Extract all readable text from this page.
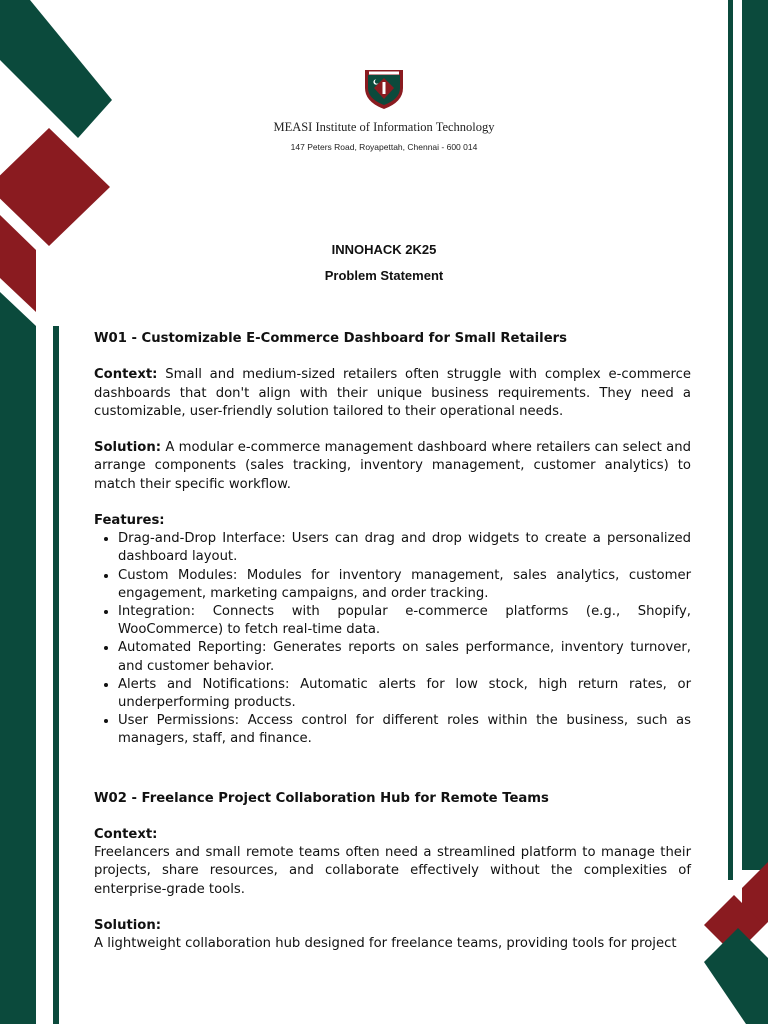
MEASI Institute of Information Technology
147 Peters Road, Royapettah, Chennai - 600 014
INNOHACK 2K25
Problem Statement

W01 - Customizable E-Commerce Dashboard for Small Retailers

Context: Small and medium-sized retailers often struggle with complex e-commerce dashboards that don't align with their unique business requirements. They need a customizable, user-friendly solution tailored to their operational needs.

Solution: A modular e-commerce management dashboard where retailers can select and arrange components (sales tracking, inventory management, customer analytics) to match their specific workflow.

Features:

• Drag-and-Drop Interface: Users can drag and drop widgets to create a personalized dashboard layout.
• Custom Modules: Modules for inventory management, sales analytics, customer engagement, marketing campaigns, and order tracking.
• Integration: Connects with popular e-commerce platforms (e.g., Shopify, WooCommerce) to fetch real-time data.
• Automated Reporting: Generates reports on sales performance, inventory turnover, and customer behavior.
• Alerts and Notifications: Automatic alerts for low stock, high return rates, or underperforming products.
• User Permissions: Access control for different roles within the business, such as managers, staff, and finance.

W02 - Freelance Project Collaboration Hub for Remote Teams

Context:

Freelancers and small remote teams often need a streamlined platform to manage their projects, share resources, and collaborate effectively without the complexities of enterprise-grade tools.

Solution:

A lightweight collaboration hub designed for freelance teams, providing tools for project
